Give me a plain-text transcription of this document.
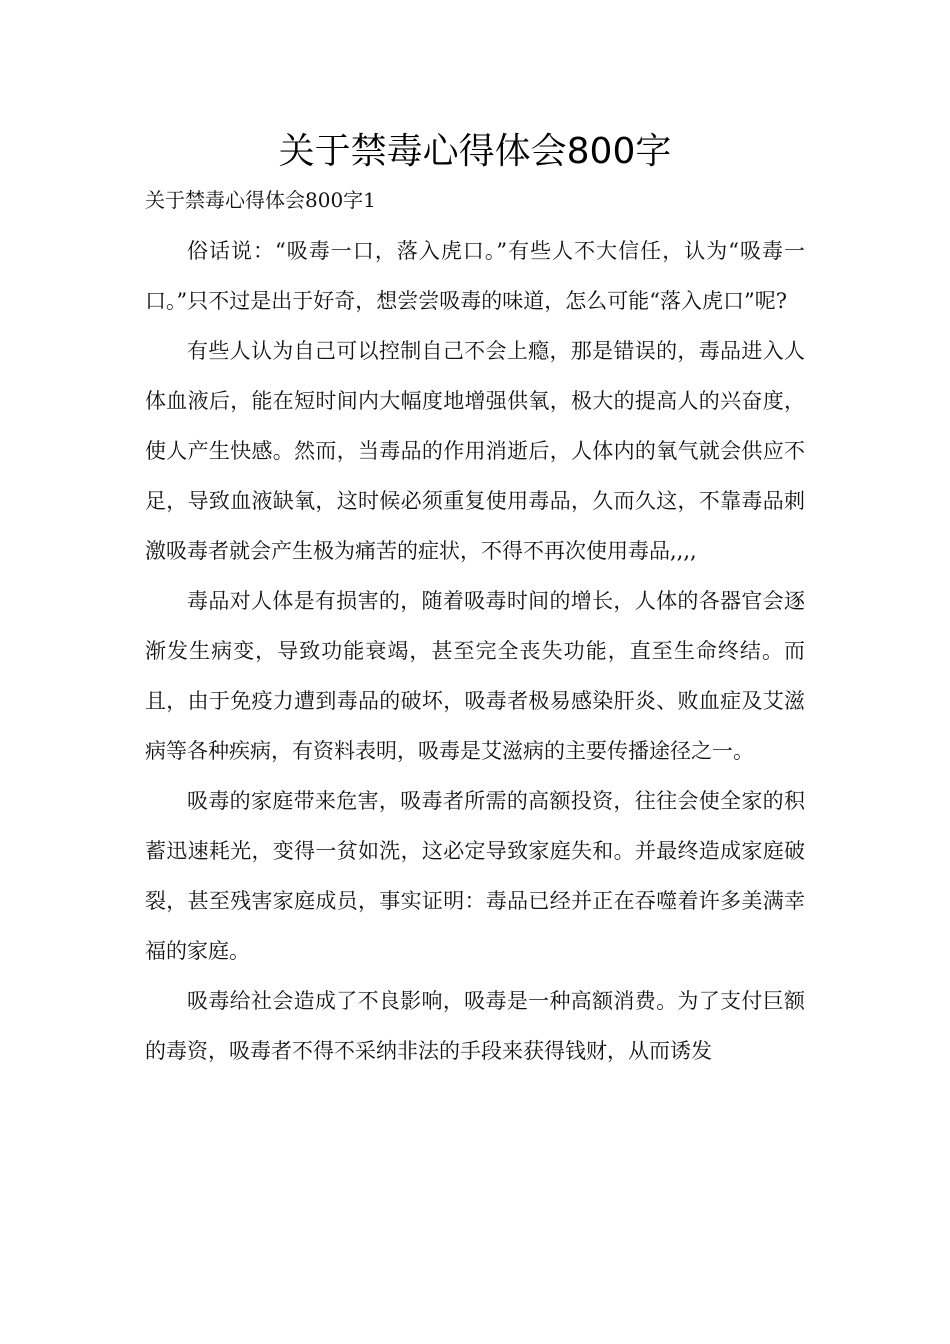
关于禁毒心得体会800字
关于禁毒心得体会800字1

俗话说：“吸毒一口，落入虎口。”有些人不大信任，认为“吸毒一口。”只不过是出于好奇，想尝尝吸毒的味道，怎么可能“落入虎口”呢?

有些人认为自己可以控制自己不会上瘾，那是错误的，毒品进入人体血液后，能在短时间内大幅度地增强供氧，极大的提高人的兴奋度，使人产生快感。然而，当毒品的作用消逝后，人体内的氧气就会供应不足，导致血液缺氧，这时候必须重复使用毒品，久而久这，不靠毒品刺激吸毒者就会产生极为痛苦的症状，不得不再次使用毒品,,,,

毒品对人体是有损害的，随着吸毒时间的增长，人体的各器官会逐渐发生病变，导致功能衰竭，甚至完全丧失功能，直至生命终结。而且，由于免疫力遭到毒品的破坏，吸毒者极易感染肝炎、败血症及艾滋病等各种疾病，有资料表明，吸毒是艾滋病的主要传播途径之一。

吸毒的家庭带来危害，吸毒者所需的高额投资，往往会使全家的积蓄迅速耗光，变得一贫如洗，这必定导致家庭失和。并最终造成家庭破裂，甚至残害家庭成员，事实证明：毒品已经并正在吞噬着许多美满幸福的家庭。

吸毒给社会造成了不良影响，吸毒是一种高额消费。为了支付巨额的毒资，吸毒者不得不采纳非法的手段来获得钱财，从而诱发
